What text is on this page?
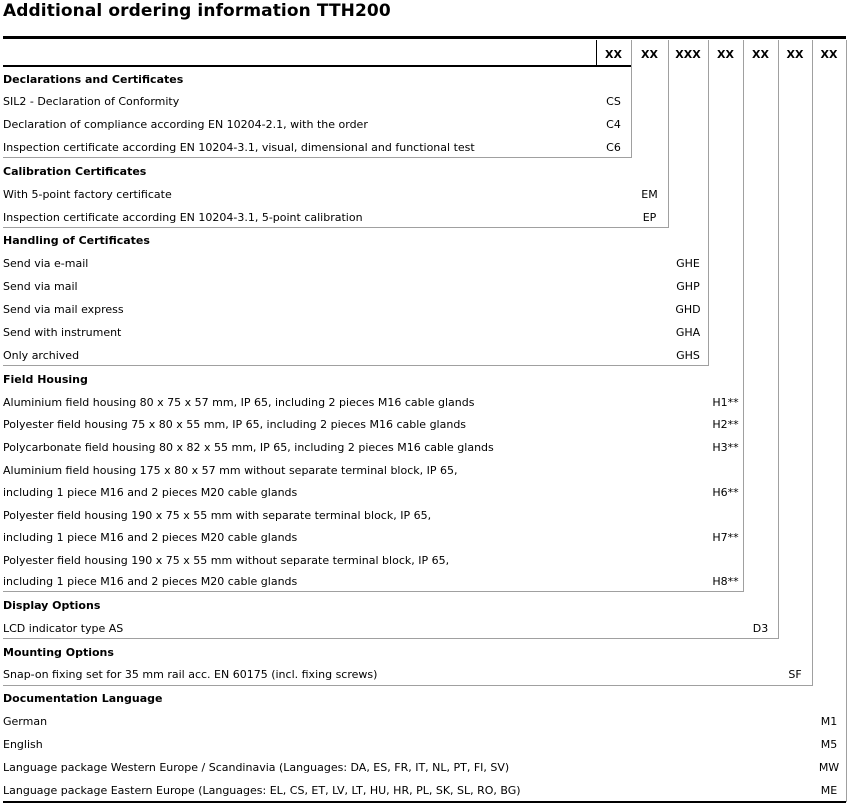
Additional ordering information TTH200
XX	XX	XXX	XX	XX	XX	XX
Declarations and Certificates
SIL2 - Declaration of Conformity	CS
Declaration of compliance according EN 10204-2.1, with the order	C4
Inspection certificate according EN 10204-3.1, visual, dimensional and functional test	C6
Calibration Certificates
With 5-point factory certificate	EM
Inspection certificate according EN 10204-3.1, 5-point calibration	EP
Handling of Certificates
Send via e-mail	GHE
Send via mail	GHP
Send via mail express	GHD
Send with instrument	GHA
Only archived	GHS
Field Housing
Aluminium field housing 80 x 75 x 57 mm, IP 65, including 2 pieces M16 cable glands	H1**
Polyester field housing 75 x 80 x 55 mm, IP 65, including 2 pieces M16 cable glands	H2**
Polycarbonate field housing 80 x 82 x 55 mm, IP 65, including 2 pieces M16 cable glands	H3**
Aluminium field housing 175 x 80 x 57 mm without separate terminal block, IP 65,
including 1 piece M16 and 2 pieces M20 cable glands	H6**
Polyester field housing 190 x 75 x 55 mm with separate terminal block, IP 65,
including 1 piece M16 and 2 pieces M20 cable glands	H7**
Polyester field housing 190 x 75 x 55 mm without separate terminal block, IP 65,
including 1 piece M16 and 2 pieces M20 cable glands	H8**
Display Options
LCD indicator type AS	D3
Mounting Options
Snap-on fixing set for 35 mm rail acc. EN 60175 (incl. fixing screws)	SF
Documentation Language
German	M1
English	M5
Language package Western Europe / Scandinavia (Languages: DA, ES, FR, IT, NL, PT, FI, SV)	MW
Language package Eastern Europe (Languages: EL, CS, ET, LV, LT, HU, HR, PL, SK, SL, RO, BG)	ME
